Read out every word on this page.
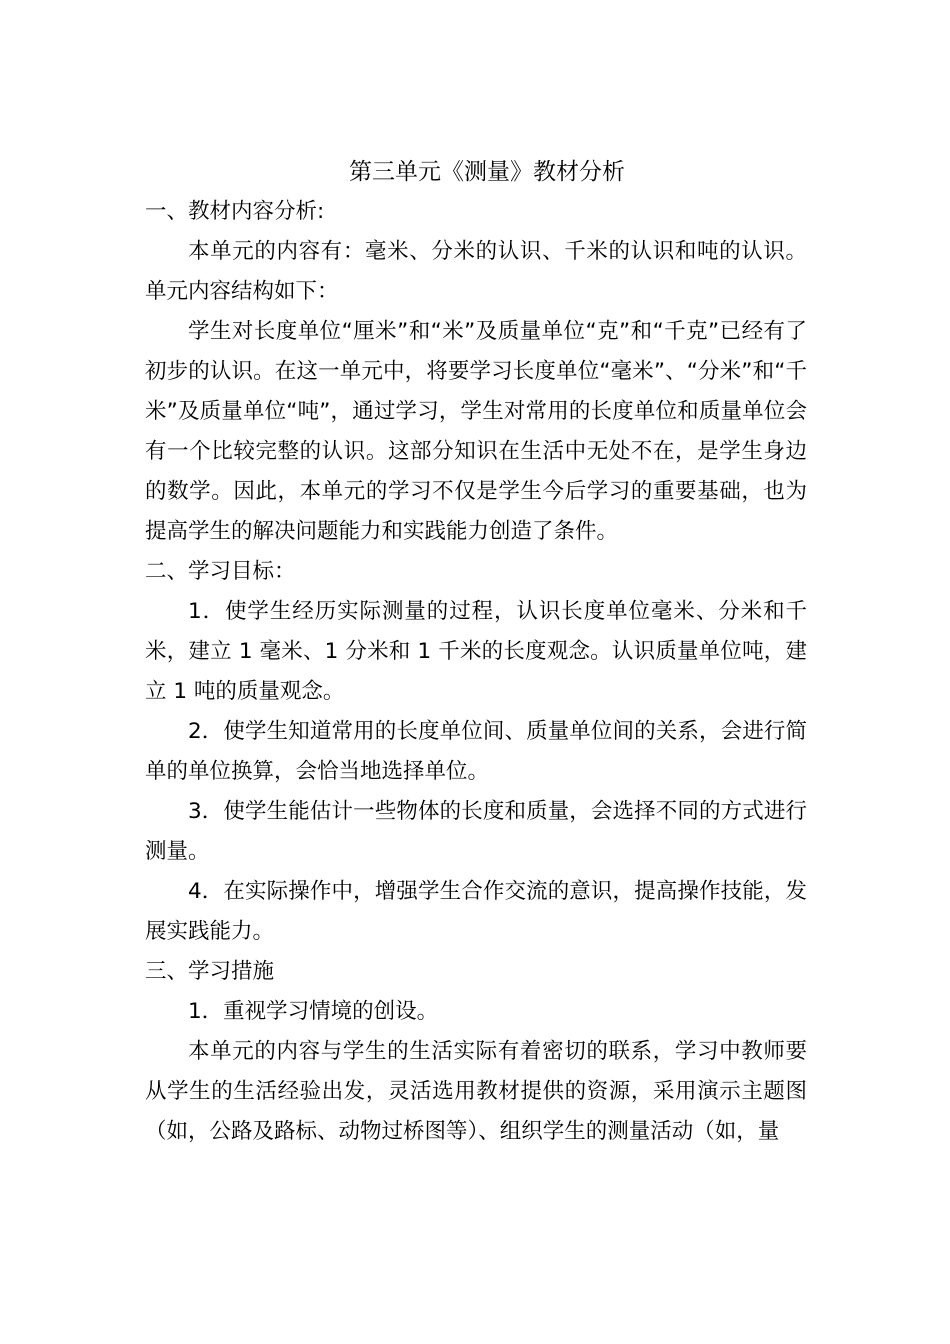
第三单元《测量》教材分析

一、教材内容分析:

本单元的内容有：毫米、分米的认识、千米的认识和吨的认识。单元内容结构如下：

学生对长度单位“厘米”和“米”及质量单位“克”和“千克”已经有了初步的认识。在这一单元中，将要学习长度单位“毫米”、“分米”和“千米”及质量单位“吨”，通过学习，学生对常用的长度单位和质量单位会有一个比较完整的认识。这部分知识在生活中无处不在，是学生身边的数学。因此，本单元的学习不仅是学生今后学习的重要基础，也为提高学生的解决问题能力和实践能力创造了条件。

二、学习目标：

1．使学生经历实际测量的过程，认识长度单位毫米、分米和千米，建立 1 毫米、1 分米和 1 千米的长度观念。认识质量单位吨，建立 1 吨的质量观念。

2．使学生知道常用的长度单位间、质量单位间的关系，会进行简单的单位换算，会恰当地选择单位。

3．使学生能估计一些物体的长度和质量，会选择不同的方式进行测量。

4．在实际操作中，增强学生合作交流的意识，提高操作技能，发展实践能力。

三、学习措施

1．重视学习情境的创设。

本单元的内容与学生的生活实际有着密切的联系，学习中教师要从学生的生活经验出发，灵活选用教材提供的资源，采用演示主题图（如，公路及路标、动物过桥图等）、组织学生的测量活动（如，量
